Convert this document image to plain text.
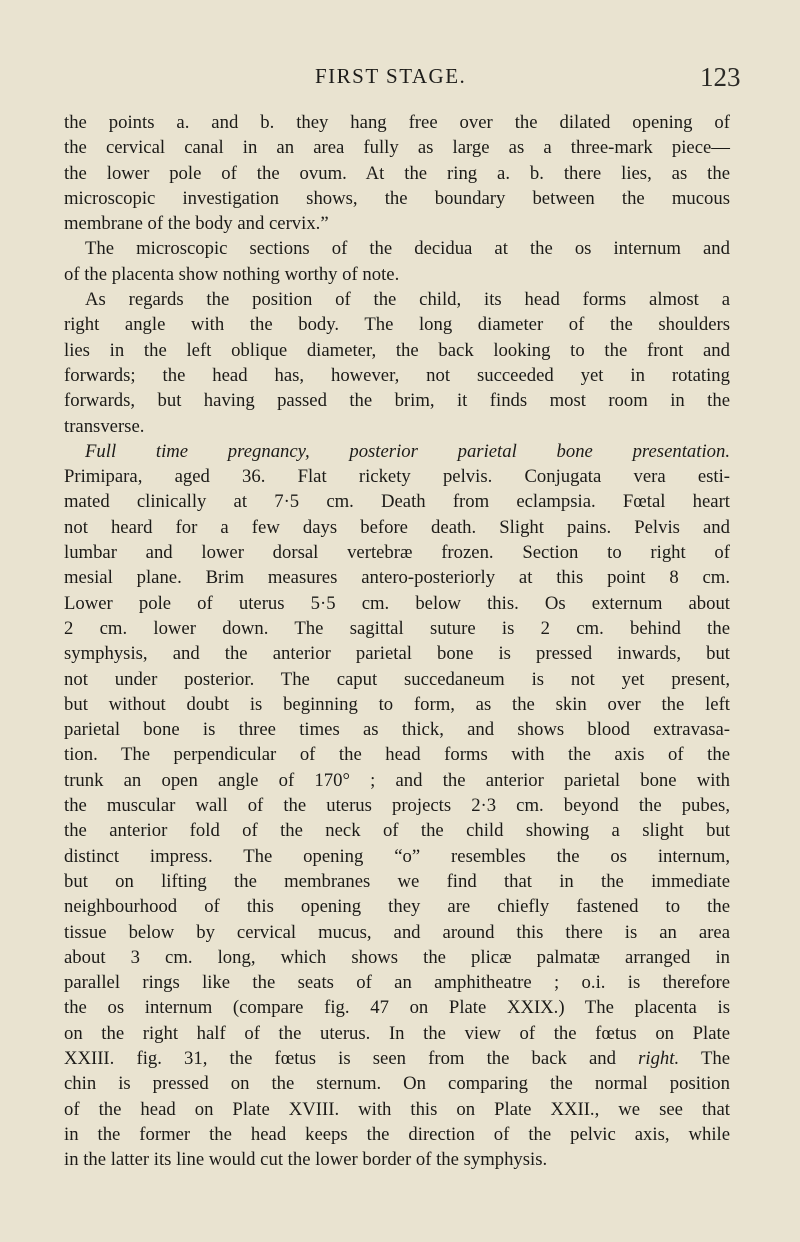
FIRST STAGE.	123
the points a. and b. they hang free over the dilated opening of
the cervical canal in an area fully as large as a three-mark piece—
the lower pole of the ovum. At the ring a. b. there lies, as the
microscopic investigation shows, the boundary between the mucous
membrane of the body and cervix.”
The microscopic sections of the decidua at the os internum and
of the placenta show nothing worthy of note.
As regards the position of the child, its head forms almost a
right angle with the body. The long diameter of the shoulders
lies in the left oblique diameter, the back looking to the front and
forwards; the head has, however, not succeeded yet in rotating
forwards, but having passed the brim, it finds most room in the
transverse.
Full time pregnancy, posterior parietal bone presentation.
Primipara, aged 36. Flat rickety pelvis. Conjugata vera esti-
mated clinically at 7·5 cm. Death from eclampsia. Fœtal heart
not heard for a few days before death. Slight pains. Pelvis and
lumbar and lower dorsal vertebræ frozen. Section to right of
mesial plane. Brim measures antero-posteriorly at this point 8 cm.
Lower pole of uterus 5·5 cm. below this. Os externum about
2 cm. lower down. The sagittal suture is 2 cm. behind the
symphysis, and the anterior parietal bone is pressed inwards, but
not under posterior. The caput succedaneum is not yet present,
but without doubt is beginning to form, as the skin over the left
parietal bone is three times as thick, and shows blood extravasa-
tion. The perpendicular of the head forms with the axis of the
trunk an open angle of 170° ; and the anterior parietal bone with
the muscular wall of the uterus projects 2·3 cm. beyond the pubes,
the anterior fold of the neck of the child showing a slight but
distinct impress. The opening “o” resembles the os internum,
but on lifting the membranes we find that in the immediate
neighbourhood of this opening they are chiefly fastened to the
tissue below by cervical mucus, and around this there is an area
about 3 cm. long, which shows the plicæ palmatæ arranged in
parallel rings like the seats of an amphitheatre ; o.i. is therefore
the os internum (compare fig. 47 on Plate XXIX.) The placenta is
on the right half of the uterus. In the view of the fœtus on Plate
XXIII. fig. 31, the fœtus is seen from the back and right. The
chin is pressed on the sternum. On comparing the normal position
of the head on Plate XVIII. with this on Plate XXII., we see that
in the former the head keeps the direction of the pelvic axis, while
in the latter its line would cut the lower border of the symphysis.
